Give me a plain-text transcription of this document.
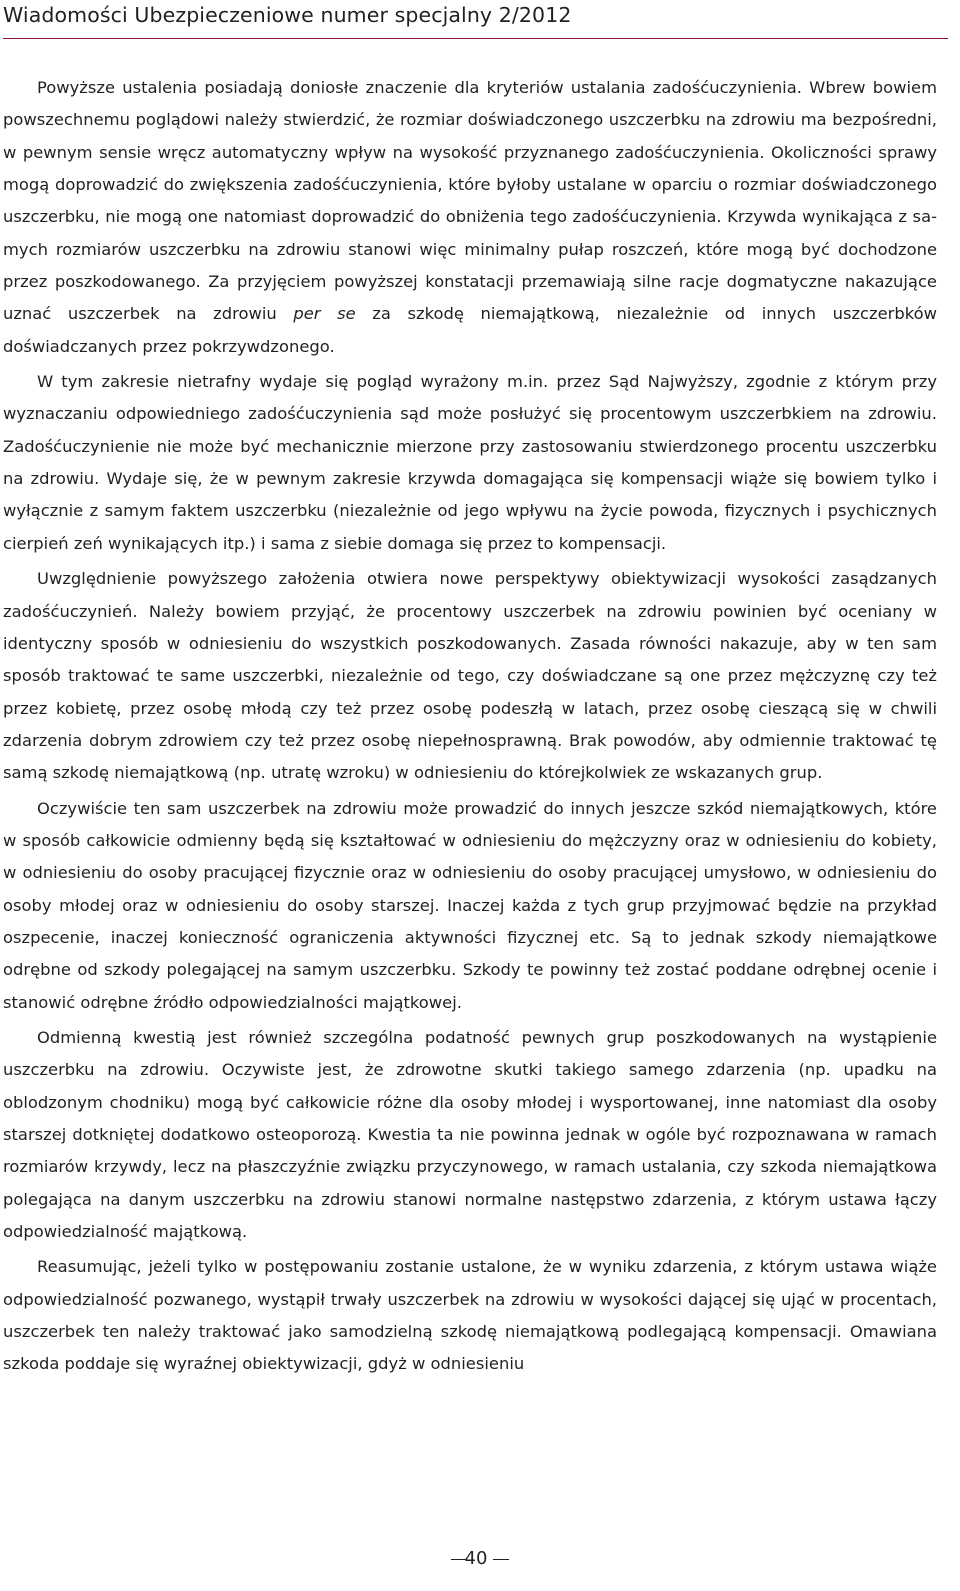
Wiadomości Ubezpieczeniowe numer specjalny 2/2012

Powyższe ustalenia posiadają doniosłe znaczenie dla kryteriów ustalania zadośćuczynienia. Wbrew bowiem powszechnemu poglądowi należy stwierdzić, że rozmiar doświadczonego uszczerbku na zdrowiu ma bezpośredni, w pewnym sensie wręcz automatyczny wpływ na wysokość przyznanego zadośćuczynienia. Okoliczności sprawy mogą doprowadzić do zwiększenia zadośćuczynienia, które byłoby ustalane w oparciu o rozmiar doświadczonego uszczerbku, nie mogą one natomiast doprowadzić do obniżenia tego zadośćuczynienia. Krzywda wynikająca z samych rozmiarów uszczerbku na zdrowiu stanowi więc minimalny pułap roszczeń, które mogą być dochodzone przez poszkodowanego. Za przyjęciem powyższej konstatacji przemawiają silne racje dogmatyczne nakazujące uznać uszczerbek na zdrowiu per se za szkodę niemajątkową, niezależnie od innych uszczerbków doświadczanych przez pokrzywdzonego.

W tym zakresie nietrafny wydaje się pogląd wyrażony m.in. przez Sąd Najwyższy, zgodnie z którym przy wyznaczaniu odpowiedniego zadośćuczynienia sąd może posłużyć się procentowym uszczerbkiem na zdrowiu. Zadośćuczynienie nie może być mechanicznie mierzone przy zastosowaniu stwierdzonego procentu uszczerbku na zdrowiu. Wydaje się, że w pewnym zakresie krzywda domagająca się kompensacji wiąże się bowiem tylko i wyłącznie z samym faktem uszczerbku (niezależnie od jego wpływu na życie powoda, fizycznych i psychicznych cierpień zeń wynikających itp.) i sama z siebie domaga się przez to kompensacji.

Uwzględnienie powyższego założenia otwiera nowe perspektywy obiektywizacji wysokości zasądzanych zadośćuczynień. Należy bowiem przyjąć, że procentowy uszczerbek na zdrowiu powinien być oceniany w identyczny sposób w odniesieniu do wszystkich poszkodowanych. Zasada równości nakazuje, aby w ten sam sposób traktować te same uszczerbki, niezależnie od tego, czy doświadczane są one przez mężczyznę czy też przez kobietę, przez osobę młodą czy też przez osobę podeszłą w latach, przez osobę cieszącą się w chwili zdarzenia dobrym zdrowiem czy też przez osobę niepełnosprawną. Brak powodów, aby odmiennie traktować tę samą szkodę niemajątkową (np. utratę wzroku) w odniesieniu do którejkolwiek ze wskazanych grup.

Oczywiście ten sam uszczerbek na zdrowiu może prowadzić do innych jeszcze szkód niemajątkowych, które w sposób całkowicie odmienny będą się kształtować w odniesieniu do mężczyzny oraz w odniesieniu do kobiety, w odniesieniu do osoby pracującej fizycznie oraz w odniesieniu do osoby pracującej umysłowo, w odniesieniu do osoby młodej oraz w odniesieniu do osoby starszej. Inaczej każda z tych grup przyjmować będzie na przykład oszpecenie, inaczej konieczność ograniczenia aktywności fizycznej etc. Są to jednak szkody niemajątkowe odrębne od szkody polegającej na samym uszczerbku. Szkody te powinny też zostać poddane odrębnej ocenie i stanowić odrębne źródło odpowiedzialności majątkowej.

Odmienną kwestią jest również szczególna podatność pewnych grup poszkodowanych na wystąpienie uszczerbku na zdrowiu. Oczywiste jest, że zdrowotne skutki takiego samego zdarzenia (np. upadku na oblodzonym chodniku) mogą być całkowicie różne dla osoby młodej i wysportowanej, inne natomiast dla osoby starszej dotkniętej dodatkowo osteoporozą. Kwestia ta nie powinna jednak w ogóle być rozpoznawana w ramach rozmiarów krzywdy, lecz na płaszczyźnie związku przyczynowego, w ramach ustalania, czy szkoda niemajątkowa polegająca na danym uszczerbku na zdrowiu stanowi normalne następstwo zdarzenia, z którym ustawa łączy odpowiedzialność majątkową.

Reasumując, jeżeli tylko w postępowaniu zostanie ustalone, że w wyniku zdarzenia, z którym ustawa wiąże odpowiedzialność pozwanego, wystąpił trwały uszczerbek na zdrowiu w wysokości dającej się ująć w procentach, uszczerbek ten należy traktować jako samodzielną szkodę niemajątkową podlegającą kompensacji. Omawiana szkoda poddaje się wyraźnej obiektywizacji, gdyż w odniesieniu

40
